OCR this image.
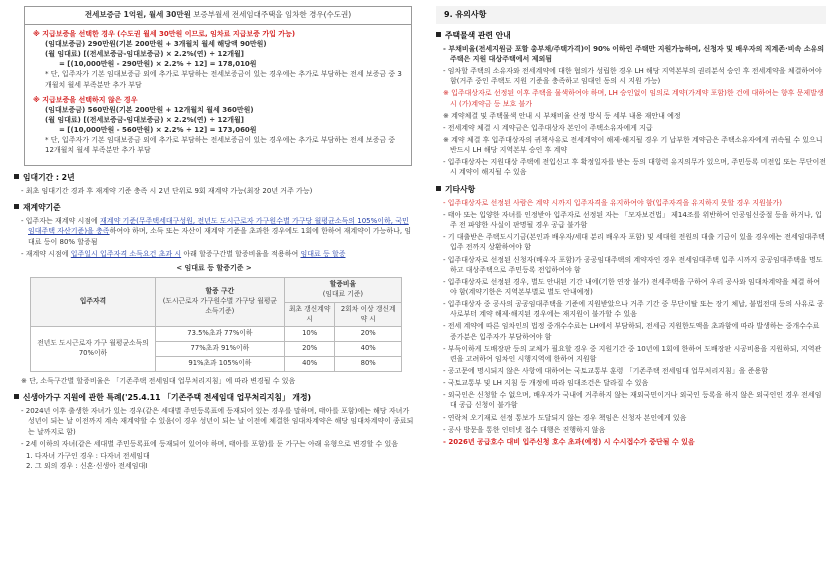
전세보증금 1억원, 월세 30만원 보증부월세 전세임대주택을 임차한 경우(수도권)
※ 지급보증을 선택한 경우 (수도권 월세 30만원 이므로, 임차료 지급보증 가입 가능)
(임대보증금) 290만원(기본 200만원 + 3개월치 월세 해당액 90만원)
(월 임대료) [(전세보증금-임대보증금) × 2.2%(연) ÷ 12개월]
= [(10,000만원 - 290만원) × 2.2% ÷ 12] = 178,010원
* 단, 입주자가 기본 임대보증금 외에 추가로 부담하는 전세보증금이 있는 경우에는 추가로 부담하는 전세 보증금 중 3개월치 월세 부족분만 추가 부담
※ 지급보증을 선택하지 않은 경우
(임대보증금) 560만원(기본 200만원 + 12개월치 월세 360만원)
(월 임대료) [(전세보증금-임대보증금) × 2.2%(연) ÷ 12개월]
= [(10,000만원 - 560만원) × 2.2% ÷ 12] = 173,060원
* 단, 입주자가 기본 임대보증금 외에 추가로 부담하는 전세보증금이 있는 경우에는 추가로 부담하는 전세 보증금 중 12개월치 월세 부족분만 추가 부담
임대기간 : 2년
- 최초 임대기간 경과 후 재계약 기준 충족 시 2년 단위로 9회 재계약 가능(최장 20년 거주 가능)
재계약기준
- 입주자는 재계약 시점에 재계약 기준(무주택세대구성원, 전년도 도시근로자 가구원수별 가구당 월평균소득의 105%이하, 국민임대주택 자산기준)을 충족하여야 하며, 소득 또는 자산이 재계약 기준을 초과한 경우에도 1회에 한하여 재계약이 가능하나, 임대료 등이 80% 할증됨
- 재계약 시점에 입주일시 입주자격 소득요건 초과 시 아래 할증구간별 할증비율을 적용하여 임대료 등 할증
< 임대료 등 할증기준 >
입주자격	할증 구간
(도시근로자 가구원수별 가구당 월평균 소득기준)	할증비율
(임대료 기준)	
		최초 갱신계약 시	2회차 이상 갱신계약 시
전년도 도시근로자 가구 월평균소득의 70%이하	73.5%초과 77%이하	10%	20%
	77%초과 91%이하	20%	40%
	91%초과 105%이하	40%	80%
※ 단, 소득구간별 할증비율은 「기존주택 전세임대 업무처리지침」에 따라 변경될 수 있음
신생아가구 지원에 관한 특례('25.4.11 「기존주택 전세임대 업무처리지침」 개정)
- 2024년 이후 출생한 자녀가 있는 경우(같은 세대별 주민등록표에 등재되어 있는 경우를 말하며, 태아를 포함)에는 해당 자녀가 성년이 되는 날 이전까지 계속 재계약할 수 있음(이 경우 성년이 되는 날 이전에 체결한 임대차계약은 해당 임대차계약이 종료되는 날까지로 함)
- 2세 이하의 자녀(같은 세대별 주민등록표에 등재되어 있어야 하며, 태아를 포함)를 둔 가구는 아래 유형으로 변경할 수 있음
1. 다자녀 가구인 경우 : 다자녀 전세임대
2. 그 외의 경우 : 신혼·신생아 전세임대Ⅰ
9. 유의사항
주택물색 관련 안내
- 부채비율(전세지원금 포함 총부채/주택가격)이 90% 이하인 주택만 지원가능하며, 신청자 및 배우자의 직계존·비속 소유의 주택은 지원 대상주택에서 제외됨
- 임차할 주택의 소유자와 전세계약에 대한 협의가 성립한 경우 LH 해당 지역본부의 권리분석 승인 후 전세계약을 체결하여야 함(거주 중인 주택도 지원 기준을 충족하고 임대인 동의 시 지원 가능)
※ 입주대상자로 선정된 이후 주택을 물색하여야 하며, LH 승인없이 임의로 계약(가계약 포함)한 건에 대하여는 향후 문제발생시 (가)계약금 등 보호 불가
※ 계약체결 및 주택물색 안내 시 부채비율 산정 방식 등 세부 내용 재안내 예정
- 전세계약 체결 시 계약금은 입주대상자 본인이 주택소유자에게 지급
※ 계약 체결 후 입주대상자의 귀책사유로 전세계약이 해제·해지될 경우 기 납부한 계약금은 주택소유자에게 귀속될 수 있으니 반드시 LH 해당 지역본부 승인 후 계약
- 입주대상자는 지원대상 주택에 전입신고 후 확정일자를 받는 등의 대항력 유지의무가 있으며, 주민등록 미전입 또는 무단이전 시 계약이 해지될 수 있음
기타사항
- 입주대상자로 선정된 사람은 계약 시까지 입주자격을 유지하여야 함(입주자격을 유지하지 못할 경우 지원불가)
- 태아 또는 입양한 자녀를 인정받아 입주자로 선정된 자는 「모자보건법」 제14조를 위반하여 인공임신중절 등을 하거나, 입주 전 파양한 사실이 판명될 경우 공급 불가함
- 기 대출받은 주택도시기금(본인과 배우자/세대 분리 배우자 포함) 및 세대원 전원의 대출 기금이 있을 경우에는 전세임대주택 입주 전까지 상환하여야 함
- 입주대상자로 선정된 신청자(배우자 포함)가 공공임대주택의 계약자인 경우 전세임대주택 입주 시까지 공공임대주택을 명도하고 대상주택으로 주민등록 전입하여야 함
- 입주대상자로 선정된 경우, 별도 안내된 기간 내에(기한 연장 불가) 전세주택을 구하여 우리 공사와 임대차계약을 체결 하여야 함(계약기한은 지역본부별로 별도 안내예정)
- 입주대상자 중 공사의 공공임대주택을 기준에 지원받았으나 거주 기간 중 무단이탈 또는 장기 체납, 불법전대 등의 사유로 공사로부터 계약 해제·해지된 경우에는 재지원이 불가할 수 있음
- 전세 계약에 따른 임차인의 법정 중개수수료는 LH에서 부담하되, 전세금 지원한도액을 초과함에 따라 발생하는 중개수수료 증가분은 입주자가 부담하여야 함
- 부득이하게 도배장판 등의 교체가 필요할 경우 중 지원기간 중 10년에 1회에 한하여 도배장판 시공비용을 지원하되, 지역관련을 고려하여 임차인 시행지역에 한하여 지원함
- 공고문에 명시되지 않은 사항에 대하여는 국토교통부 훈령 「기존주택 전세임대 업무처리지침」을 준용함
- 국토교통부 및 LH 지침 등 개정에 따라 임대조건은 달라질 수 있음
- 외국인은 신청할 수 없으며, 배우자가 국내에 거주하지 않는 재외국민이거나 외국인 등록을 하지 않은 외국인인 경우 전세임대 공급 신청이 불가함
- 연락처 오기재로 선정 통보가 도달되지 않는 경우 책임은 신청자 본인에게 있음
- 공사 방문을 통한 인터넷 접수 대행은 진행하지 않음
- 2026년 공급호수 대비 입주신청 호수 초과(예정) 시 수시접수가 중단될 수 있음
